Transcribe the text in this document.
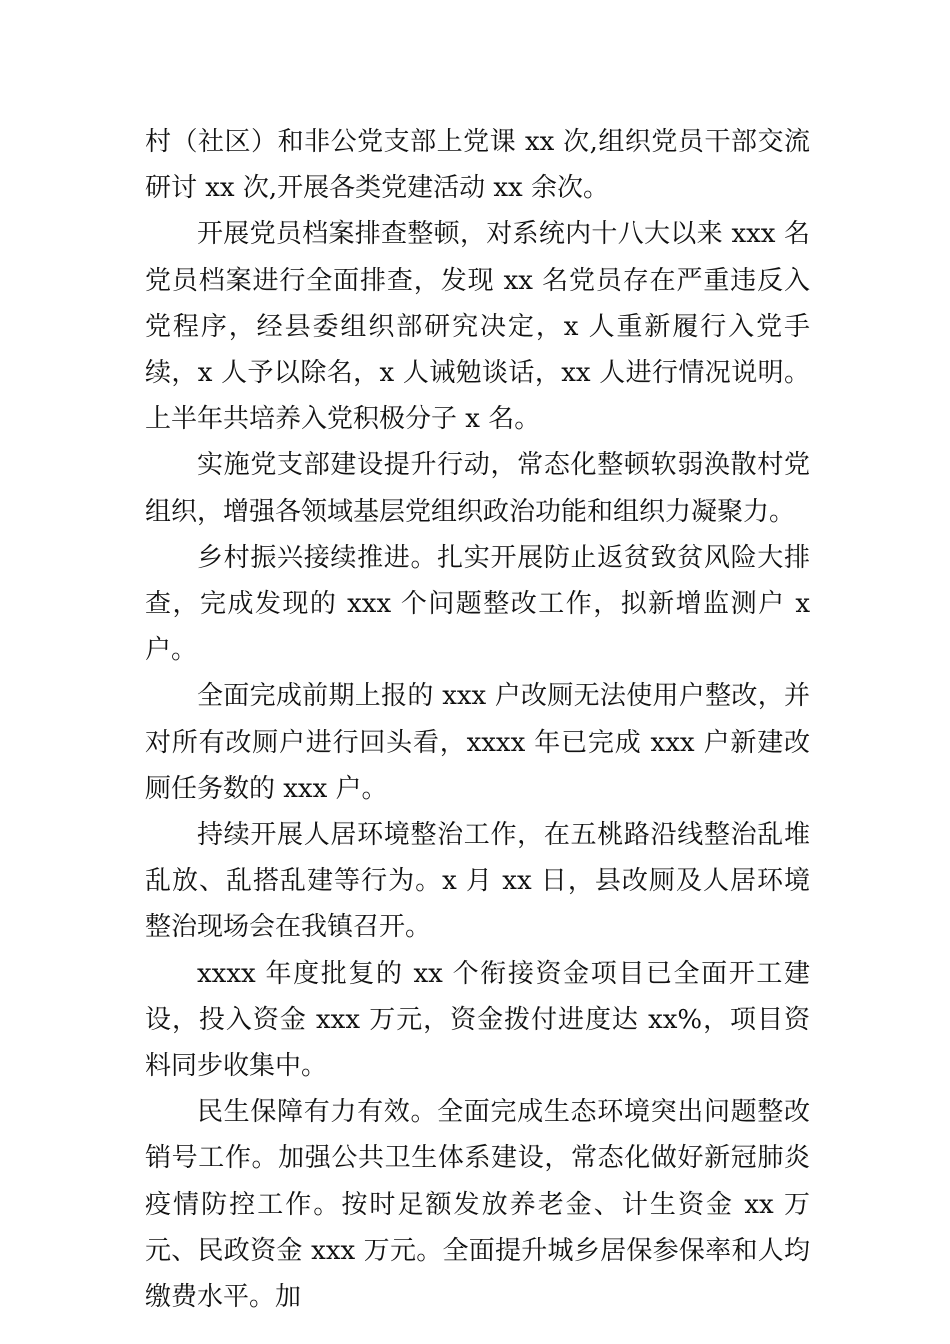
村（社区）和非公党支部上党课 xx 次,组织党员干部交流研讨 xx 次,开展各类党建活动 xx 余次。

开展党员档案排查整顿，对系统内十八大以来 xxx 名党员档案进行全面排查，发现 xx 名党员存在严重违反入党程序，经县委组织部研究决定，x 人重新履行入党手续，x 人予以除名，x 人诫勉谈话，xx 人进行情况说明。上半年共培养入党积极分子 x 名。

实施党支部建设提升行动，常态化整顿软弱涣散村党组织，增强各领域基层党组织政治功能和组织力凝聚力。

乡村振兴接续推进。扎实开展防止返贫致贫风险大排查，完成发现的 xxx 个问题整改工作，拟新增监测户 x 户。

全面完成前期上报的 xxx 户改厕无法使用户整改，并对所有改厕户进行回头看，xxxx 年已完成 xxx 户新建改厕任务数的 xxx 户。

持续开展人居环境整治工作，在五桃路沿线整治乱堆乱放、乱搭乱建等行为。x 月 xx 日，县改厕及人居环境整治现场会在我镇召开。

xxxx 年度批复的 xx 个衔接资金项目已全面开工建设，投入资金 xxx 万元，资金拨付进度达 xx%，项目资料同步收集中。

民生保障有力有效。全面完成生态环境突出问题整改销号工作。加强公共卫生体系建设，常态化做好新冠肺炎疫情防控工作。按时足额发放养老金、计生资金 xx 万元、民政资金 xxx 万元。全面提升城乡居保参保率和人均缴费水平。加
